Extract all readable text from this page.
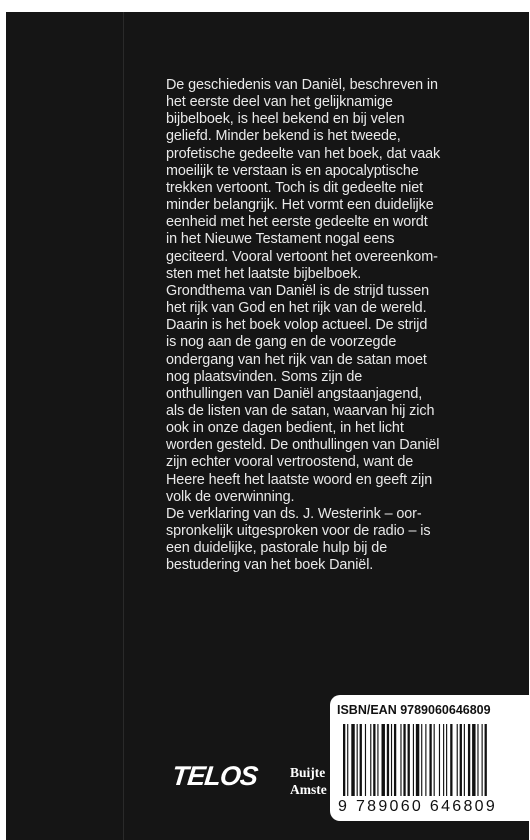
De geschiedenis van Daniël, beschreven in
het eerste deel van het gelijknamige
bijbelboek, is heel bekend en bij velen
geliefd. Minder bekend is het tweede,
profetische gedeelte van het boek, dat vaak
moeilijk te verstaan is en apocalyptische
trekken vertoont. Toch is dit gedeelte niet
minder belangrijk. Het vormt een duidelijke
eenheid met het eerste gedeelte en wordt
in het Nieuwe Testament nogal eens
geciteerd. Vooral vertoont het overeenkom-
sten met het laatste bijbelboek.
Grondthema van Daniël is de strijd tussen
het rijk van God en het rijk van de wereld.
Daarin is het boek volop actueel. De strijd
is nog aan de gang en de voorzegde
ondergang van het rijk van de satan moet
nog plaatsvinden. Soms zijn de
onthullingen van Daniël angstaanjagend,
als de listen van de satan, waarvan hij zich
ook in onze dagen bedient, in het licht
worden gesteld. De onthullingen van Daniël
zijn echter vooral vertroostend, want de
Heere heeft het laatste woord en geeft zijn
volk de overwinning.
De verklaring van ds. J. Westerink – oor-
spronkelijk uitgesproken voor de radio – is
een duidelijke, pastorale hulp bij de
bestudering van het boek Daniël.
TELOS Buijte
Amste
ISBN/EAN 9789060646809
9 789060 646809
